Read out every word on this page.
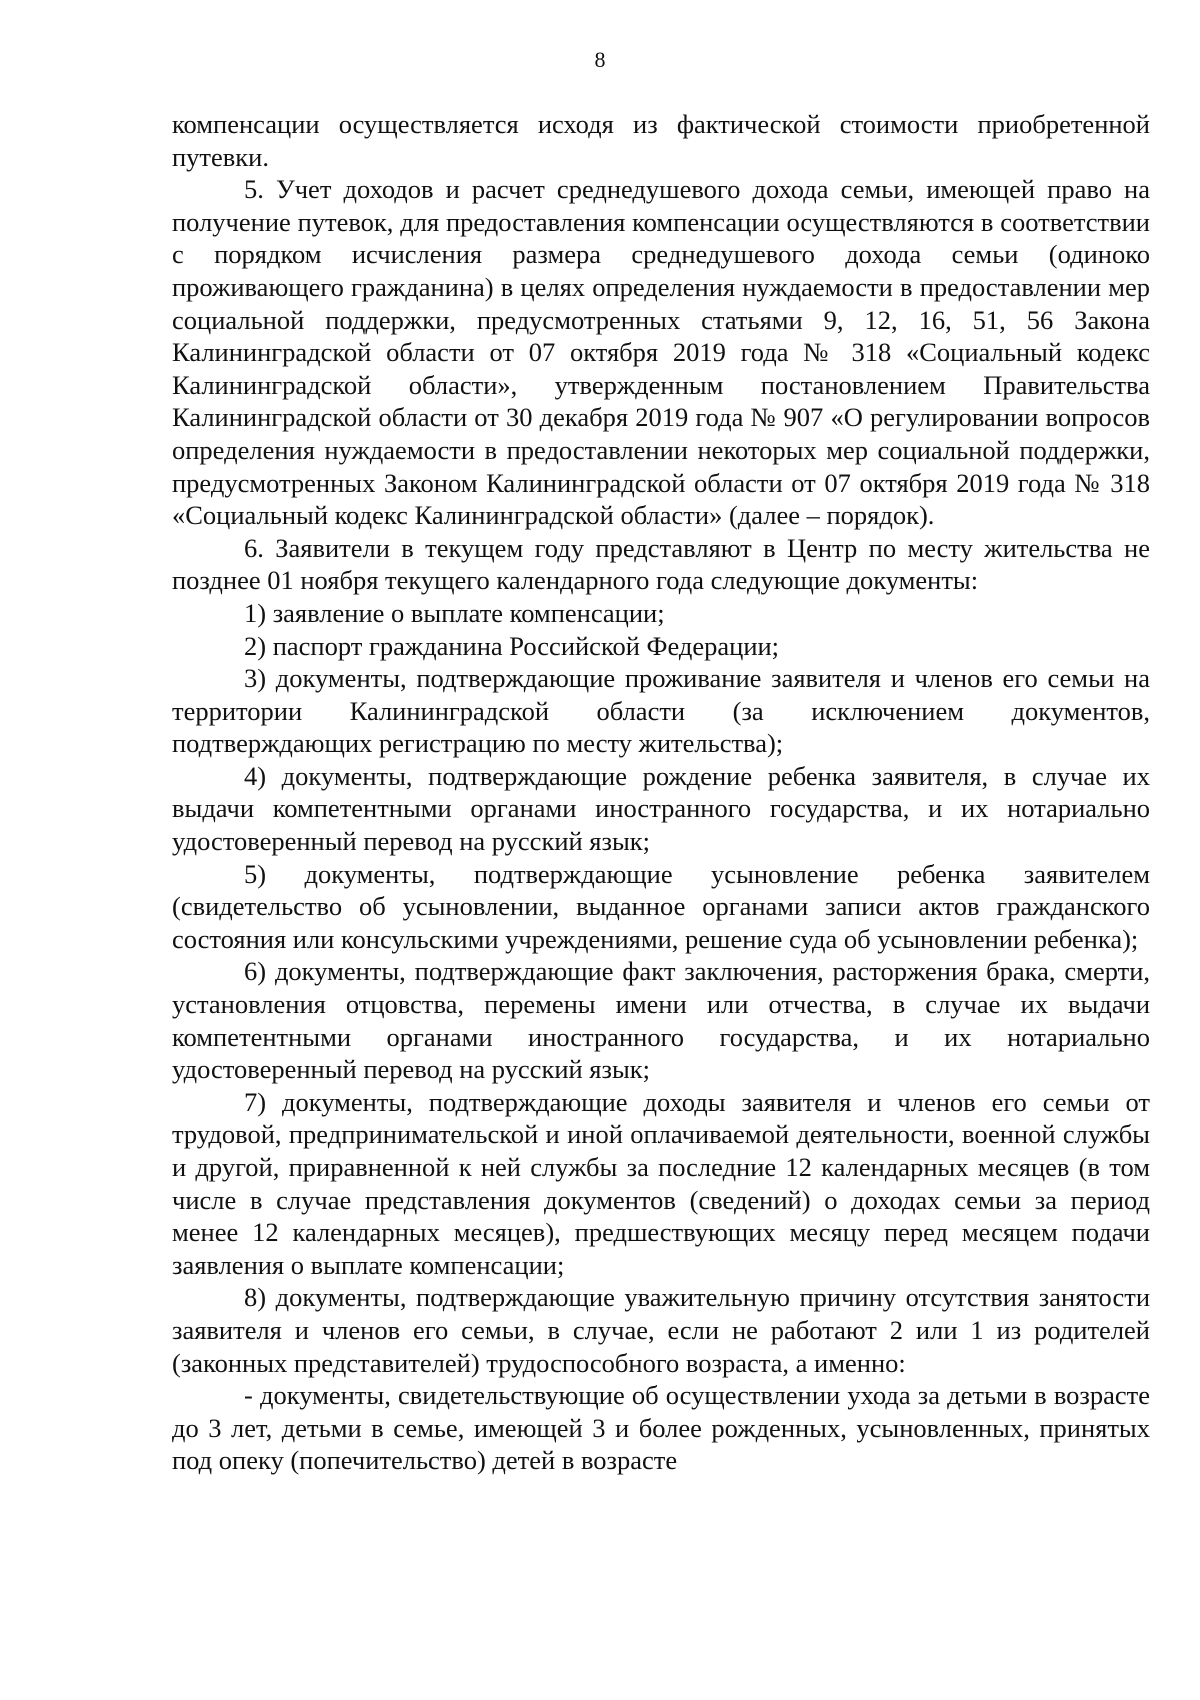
8

компенсации осуществляется исходя из фактической стоимости приобретенной путевки.

5. Учет доходов и расчет среднедушевого дохода семьи, имеющей право на получение путевок, для предоставления компенсации осуществляются в соответствии с порядком исчисления размера среднедушевого дохода семьи (одиноко проживающего гражданина) в целях определения нуждаемости в предоставлении мер социальной поддержки, предусмотренных статьями 9, 12, 16, 51, 56 Закона Калининградской области от 07 октября 2019 года № 318 «Социальный кодекс Калининградской области», утвержденным постановлением Правительства Калининградской области от 30 декабря 2019 года № 907 «О регулировании вопросов определения нуждаемости в предоставлении некоторых мер социальной поддержки, предусмотренных Законом Калининградской области от 07 октября 2019 года № 318 «Социальный кодекс Калининградской области» (далее – порядок).

6. Заявители в текущем году представляют в Центр по месту жительства не позднее 01 ноября текущего календарного года следующие документы:

1) заявление о выплате компенсации;

2) паспорт гражданина Российской Федерации;

3) документы, подтверждающие проживание заявителя и членов его семьи на территории Калининградской области (за исключением документов, подтверждающих регистрацию по месту жительства);

4) документы, подтверждающие рождение ребенка заявителя, в случае их выдачи компетентными органами иностранного государства, и их нотариально удостоверенный перевод на русский язык;

5) документы, подтверждающие усыновление ребенка заявителем (свидетельство об усыновлении, выданное органами записи актов гражданского состояния или консульскими учреждениями, решение суда об усыновлении ребенка);

6) документы, подтверждающие факт заключения, расторжения брака, смерти, установления отцовства, перемены имени или отчества, в случае их выдачи компетентными органами иностранного государства, и их нотариально удостоверенный перевод на русский язык;

7) документы, подтверждающие доходы заявителя и членов его семьи от трудовой, предпринимательской и иной оплачиваемой деятельности, военной службы и другой, приравненной к ней службы за последние 12 календарных месяцев (в том числе в случае представления документов (сведений) о доходах семьи за период менее 12 календарных месяцев), предшествующих месяцу перед месяцем подачи заявления о выплате компенсации;

8) документы, подтверждающие уважительную причину отсутствия занятости заявителя и членов его семьи, в случае, если не работают 2 или 1 из родителей (законных представителей) трудоспособного возраста, а именно:

- документы, свидетельствующие об осуществлении ухода за детьми в возрасте до 3 лет, детьми в семье, имеющей 3 и более рожденных, усыновленных, принятых под опеку (попечительство) детей в возрасте
